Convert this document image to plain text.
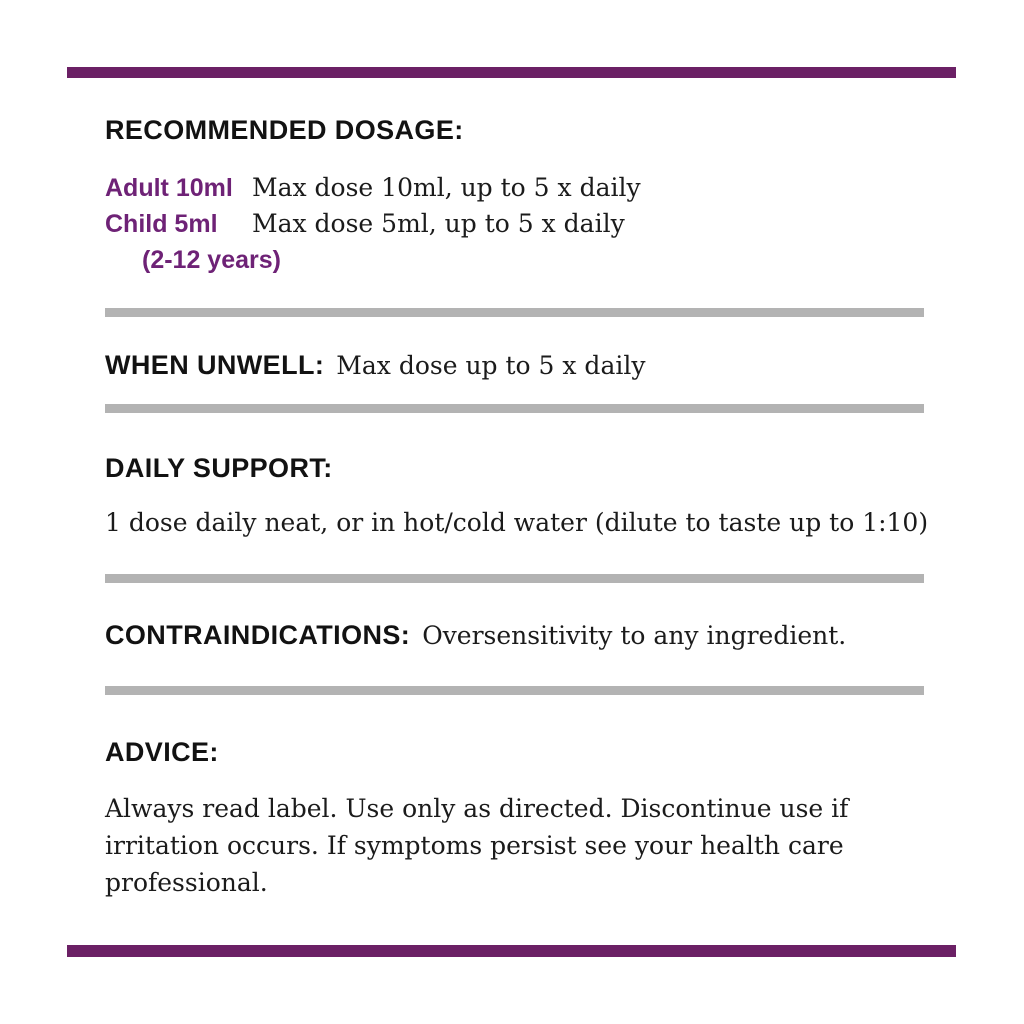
RECOMMENDED DOSAGE:
Adult 10ml Max dose 10ml, up to 5 x daily
Child 5ml	Max dose 5ml, up to 5 x daily
(2-12 years)
WHEN UNWELL: Max dose up to 5 x daily
DAILY SUPPORT:
1 dose daily neat, or in hot/cold water (dilute to taste up to 1:10)
CONTRAINDICATIONS: Oversensitivity to any ingredient.
ADVICE:
Always read label. Use only as directed. Discontinue use if irritation occurs. If symptoms persist see your health care professional.
